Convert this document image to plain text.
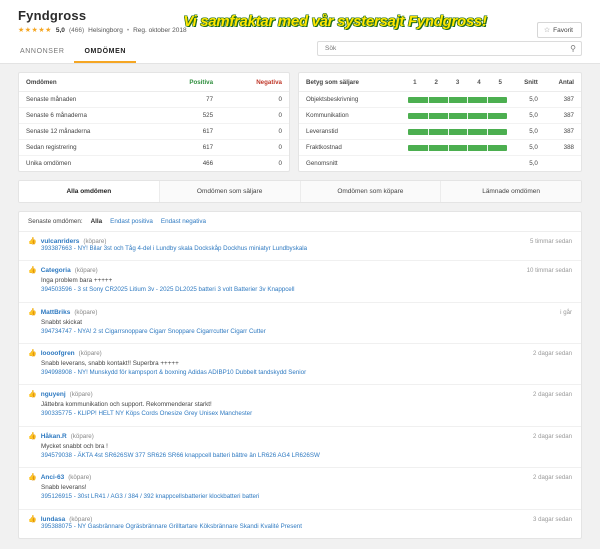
Fyndgross
★★★★★ 5,0 (466) Helsingborg • Reg. oktober 2018
Vi samfraktar med vår systersajt Fyndgross!
☆ Favorit
ANNONSER	OMDÖMEN
Sök	⚲
Omdömen	Positiva	Negativa
Senaste månaden	77	0
Senaste 6 månaderna	525	0
Senaste 12 månaderna	617	0
Sedan registrering	617	0
Unika omdömen	466	0
Betyg som säljare	1	2	3	4	5	Snitt	Antal
Objektsbeskrivning						5,0	387
Kommunikation						5,0	387
Leveranstid						5,0	387
Fraktkostnad						5,0	388
Genomsnitt						5,0	
Alla omdömen	Omdömen som säljare	Omdömen som köpare	Lämnade omdömen
Senaste omdömen: Alla Endast positiva Endast negativa
👍 vulcanriders (köpare)	5 timmar sedan
393387663 - NY! Bilar 3st och Tåg 4-del i Lundby skala Dockskåp Dockhus miniatyr Lundbyskala
👍 Categoria (köpare)	10 timmar sedan
Inga problem bara +++++
394503596 - 3 st Sony CR2025 Litium 3v - 2025 DL2025 batteri 3 volt Batterier 3v Knappcell
👍 MattBriks (köpare)	i går
Snabbt skickat
394734747 - NYA! 2 st Cigarrsnoppare Cigarr Snoppare Cigarrcutter Cigarr Cutter
👍 loooofgren (köpare)	2 dagar sedan
Snabb leverans, snabb kontakt!! Superbra +++++
394998908 - NY! Munskydd för kampsport & boxning Adidas ADIBP10 Dubbelt tandskydd Senior
👍 nguyenj (köpare)	2 dagar sedan
Jättebra kommunikation och support. Rekommenderar starkt!
390335775 - KLIPP! HELT NY Köps Cords Onesize Grey Unisex Manchester
👍 Håkan.R (köpare)	2 dagar sedan
Mycket snabbt och bra !
394579038 - ÄKTA 4st SR626SW 377 SR626 SR66 knappcell batteri bättre än LR626 AG4 LR626SW
👍 Anci-63 (köpare)	2 dagar sedan
Snabb leverans!
395126915 - 30st LR41 / AG3 / 384 / 392 knappcellsbatterier klockbatteri batteri
👍 lundasa (köpare)	3 dagar sedan
395388075 - NY Gasbrännare Ogräsbrännare Grilltartare Köksbrännare Skandi Kvalité Present
